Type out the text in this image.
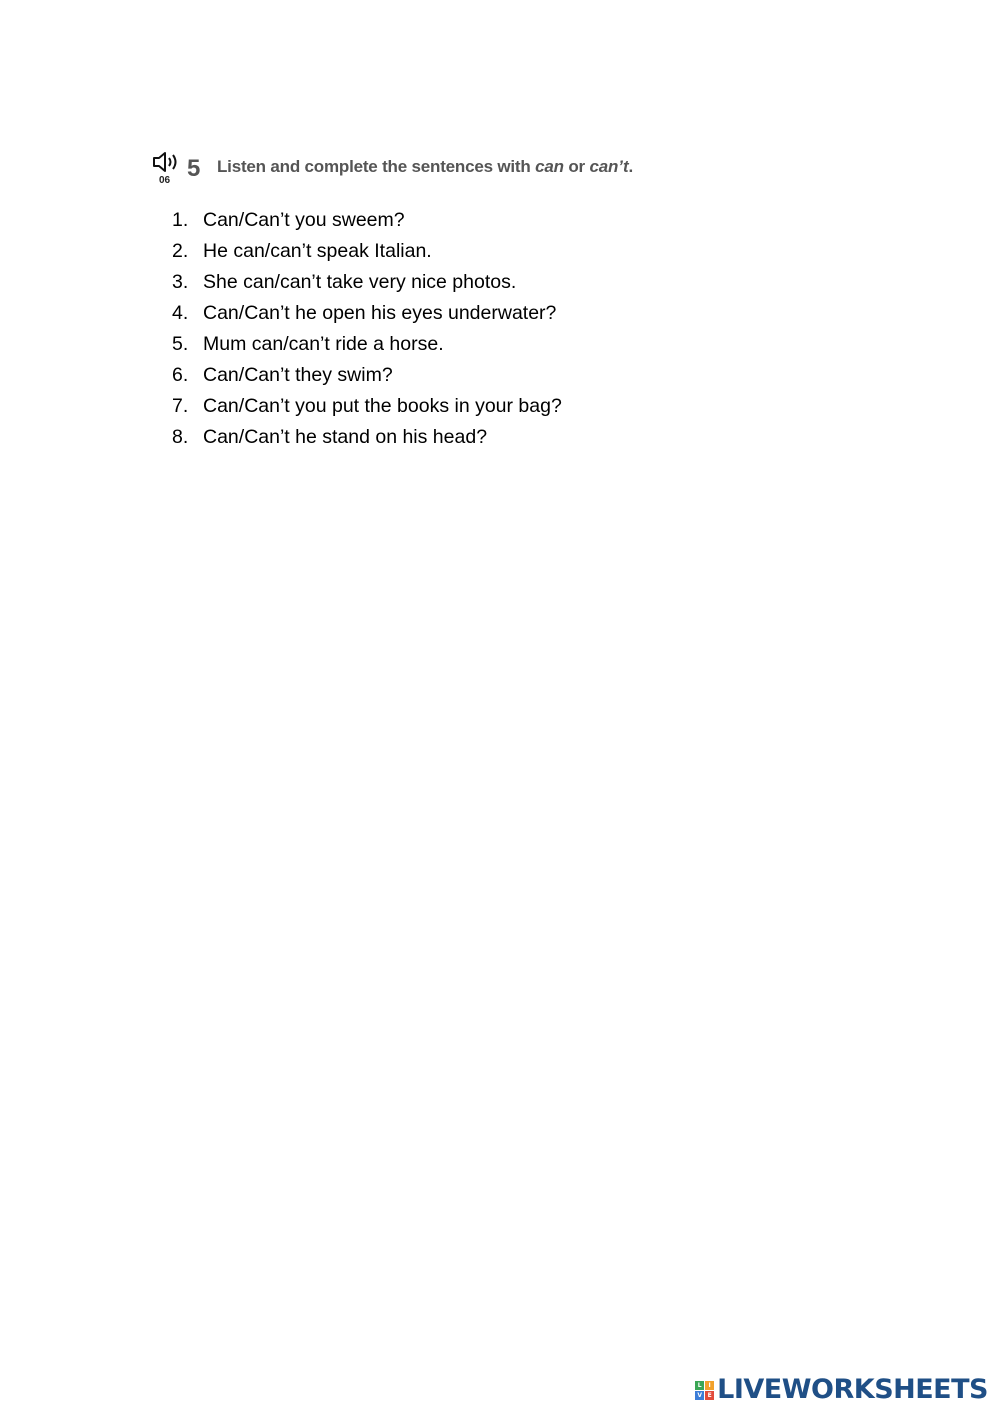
06 5 Listen and complete the sentences with can or can’t.
1. Can/Can’t you sweem?
2. He can/can’t speak Italian.
3. She can/can’t take very nice photos.
4. Can/Can’t he open his eyes underwater?
5. Mum can/can’t ride a horse.
6. Can/Can’t they swim?
7. Can/Can’t you put the books in your bag?
8. Can/Can’t he stand on his head?
L	I
V E LIVEWORKSHEETS
